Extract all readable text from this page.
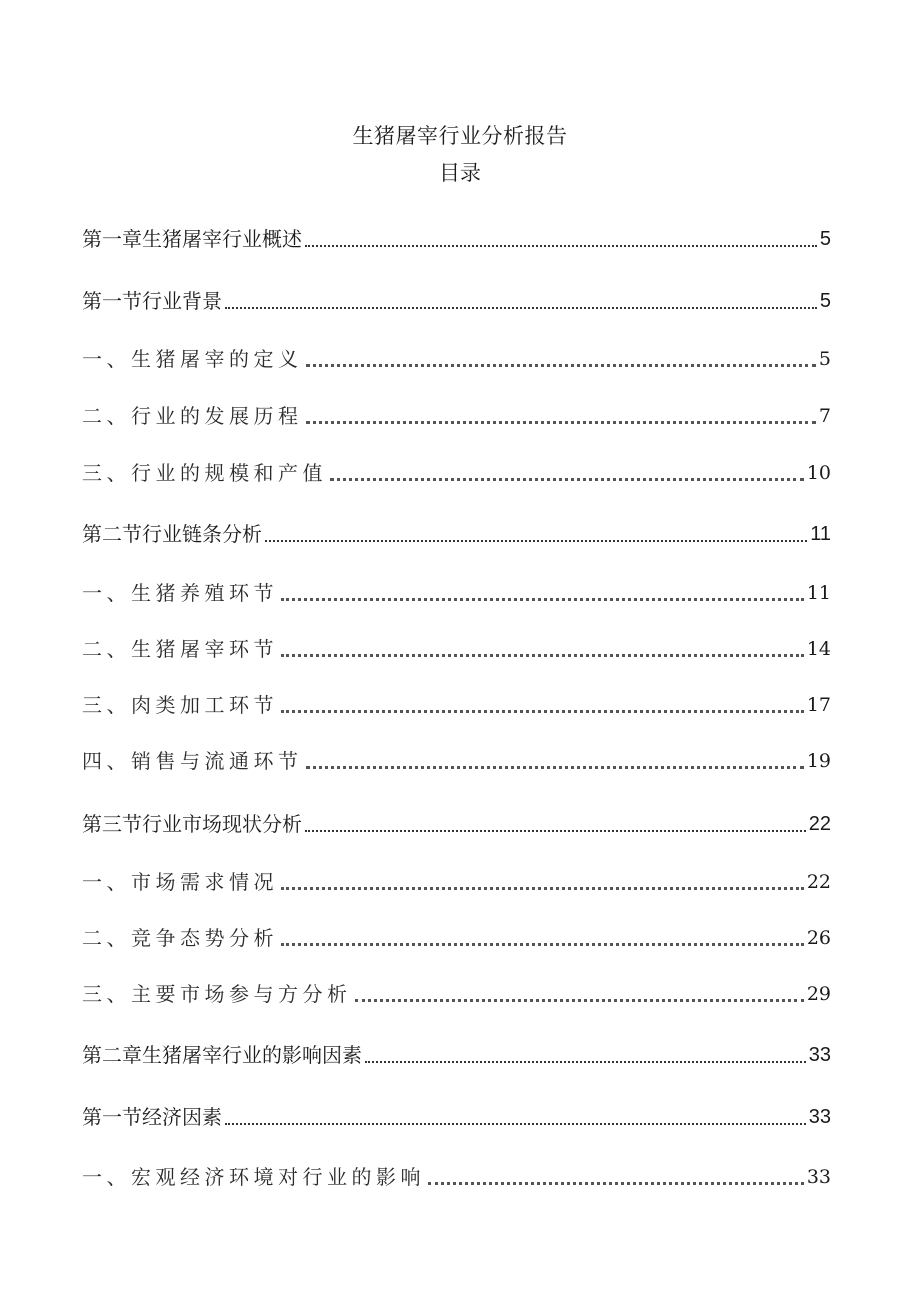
生猪屠宰行业分析报告
目录
第一章生猪屠宰行业概述	5
第一节行业背景	5
一、生猪屠宰的定义	5
二、行业的发展历程	7
三、行业的规模和产值	10
第二节行业链条分析	11
一、生猪养殖环节	11
二、生猪屠宰环节	14
三、肉类加工环节	17
四、销售与流通环节	19
第三节行业市场现状分析	22
一、市场需求情况	22
二、竞争态势分析	26
三、主要市场参与方分析	29
第二章生猪屠宰行业的影响因素	33
第一节经济因素	33
一、宏观经济环境对行业的影响	33
